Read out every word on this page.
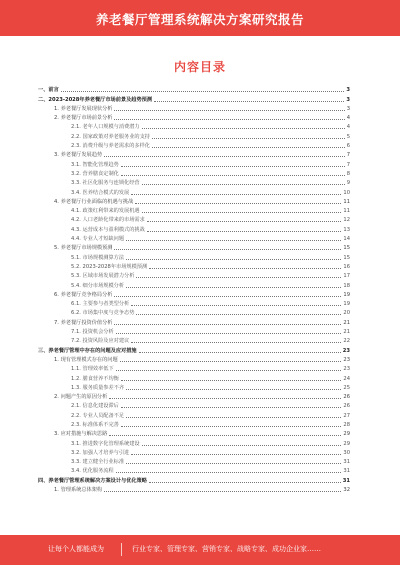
养老餐厅管理系统解决方案研究报告
内容目录
一、前言	3
二、2023-2028年养老餐厅市场前景及趋势预测	3
1. 养老餐厅发展现状分析	3
2. 养老餐厅市场前景分析	4
2.1. 老年人口规模与消费潜力	4
2.2. 国家政策对养老服务业的支持	5
2.3. 消费升级与养老需求的多样化	6
3. 养老餐厅发展趋势	7
3.1. 智能化管理趋势	7
3.2. 营养膳食定制化	8
3.3. 社区化服务与连锁化经营	9
3.4. 医养结合模式的发展	10
4. 养老餐厅行业面临的机遇与挑战	11
4.1. 政策红利带来的发展机遇	11
4.2. 人口老龄化带来的市场需求	12
4.3. 运营成本与盈利模式的挑战	13
4.4. 专业人才短缺问题	14
5. 养老餐厅市场规模预测	15
5.1. 市场规模测算方法	15
5.2. 2023-2028年市场规模预测	16
5.3. 区域市场发展潜力分析	17
5.4. 细分市场规模分析	18
6. 养老餐厅竞争格局分析	19
6.1. 主要参与者类型分析	19
6.2. 市场集中度与竞争态势	20
7. 养老餐厅投资价值分析	21
7.1. 投资机会分析	21
7.2. 投资风险及应对建议	22
三、养老餐厅管理中存在的问题及应对措施	23
1. 现有管理模式存在的问题	23
1.1. 管理效率低下	23
1.2. 膳食营养不均衡	24
1.3. 服务质量参差不齐	25
2. 问题产生的原因分析	26
2.1. 信息化建设滞后	26
2.2. 专业人员配备不足	27
2.3. 标准体系不完善	28
3. 应对措施与解决思路	29
3.1. 推进数字化管理系统建设	29
3.2. 加强人才培养与引进	30
3.3. 建立健全行业标准	31
3.4. 优化服务流程	31
四、养老餐厅管理系统解决方案设计与优化策略	31
1. 管理系统总体架构	32
让每个人都能成为	行业专家、管理专家、营销专家、战略专家、成功企业家……
